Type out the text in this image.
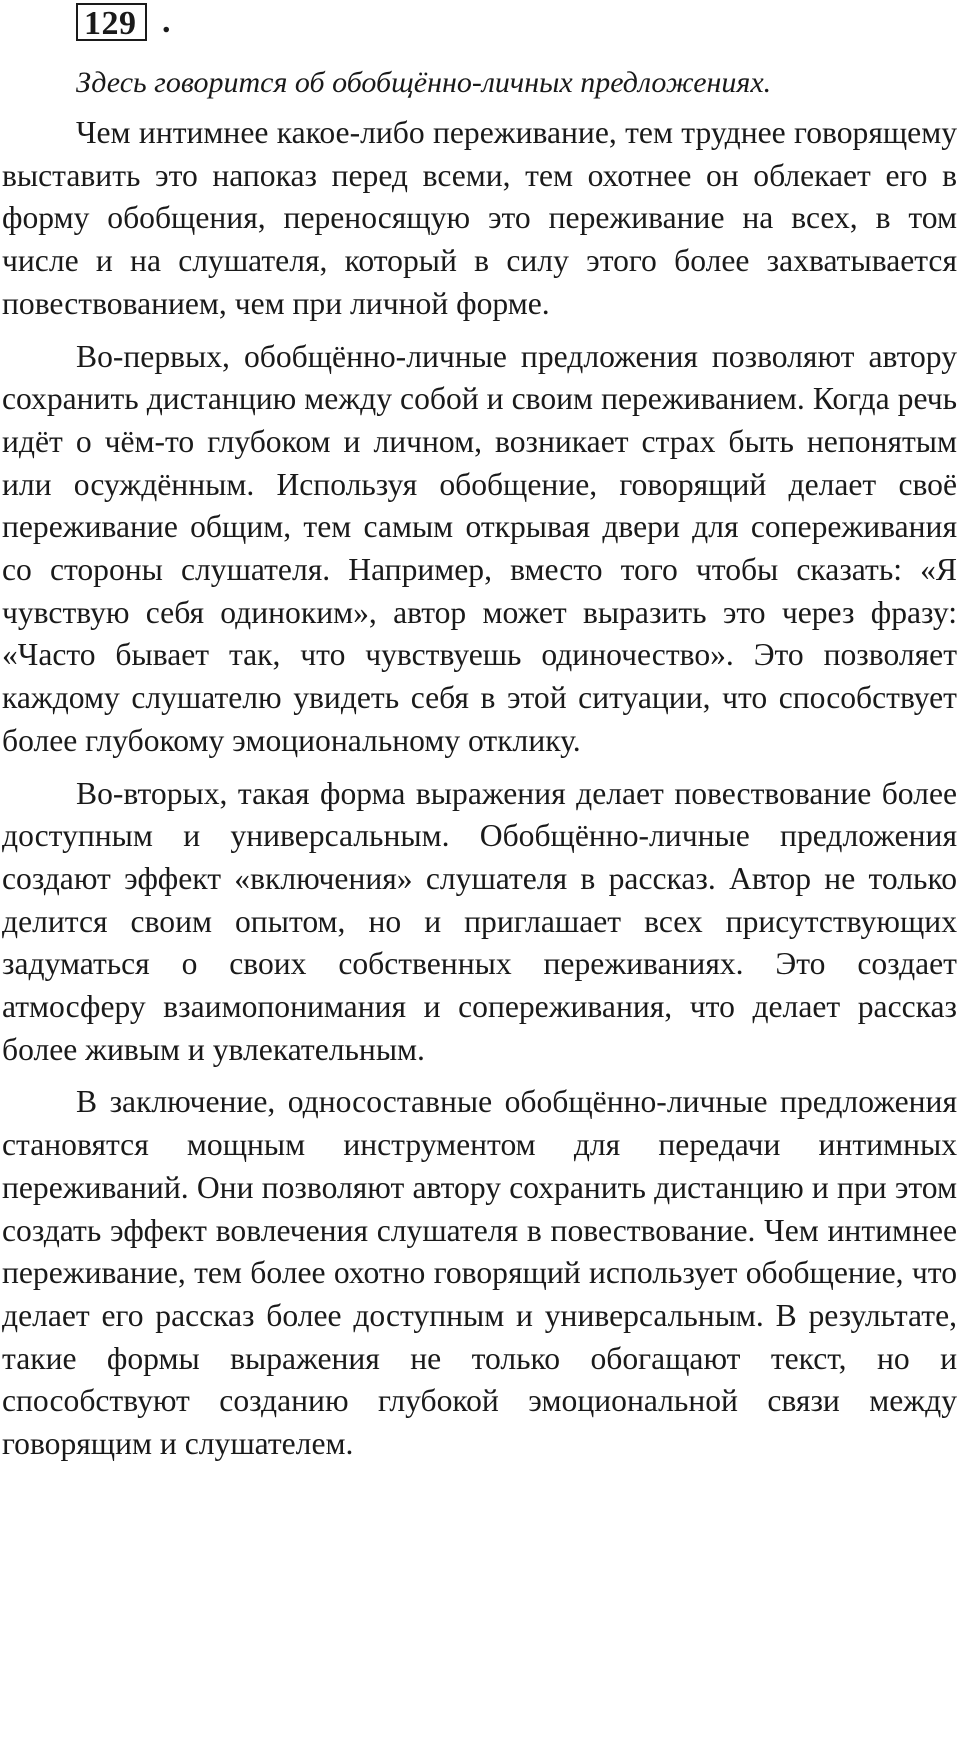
129 .
Здесь говорится об обобщённо-личных предложениях.

Чем интимнее какое-либо переживание, тем труднее говорящему выставить это напоказ перед всеми, тем охотнее он облекает его в форму обобщения, переносящую это переживание на всех, в том числе и на слушателя, который в силу этого более захватывается повествованием, чем при личной форме.

Во-первых, обобщённо-личные предложения позволяют автору сохранить дистанцию между собой и своим переживанием. Когда речь идёт о чём-то глубоком и личном, возникает страх быть непонятым или осуждённым. Используя обобщение, говорящий делает своё переживание общим, тем самым открывая двери для сопереживания со стороны слушателя. Например, вместо того чтобы сказать: «Я чувствую себя одиноким», автор может выразить это через фразу: «Часто бывает так, что чувствуешь одиночество». Это позволяет каждому слушателю увидеть себя в этой ситуации, что способствует более глубокому эмоциональному отклику.

Во-вторых, такая форма выражения делает повествование более доступным и универсальным. Обобщённо-личные предложения создают эффект «включения» слушателя в рассказ. Автор не только делится своим опытом, но и приглашает всех присутствующих задуматься о своих собственных переживаниях. Это создает атмосферу взаимопонимания и сопереживания, что делает рассказ более живым и увлекательным.

В заключение, односоставные обобщённо-личные предложения становятся мощным инструментом для передачи интимных переживаний. Они позволяют автору сохранить дистанцию и при этом создать эффект вовлечения слушателя в повествование. Чем интимнее переживание, тем более охотно говорящий использует обобщение, что делает его рассказ более доступным и универсальным. В результате, такие формы выражения не только обогащают текст, но и способствуют созданию глубокой эмоциональной связи между говорящим и слушателем.
